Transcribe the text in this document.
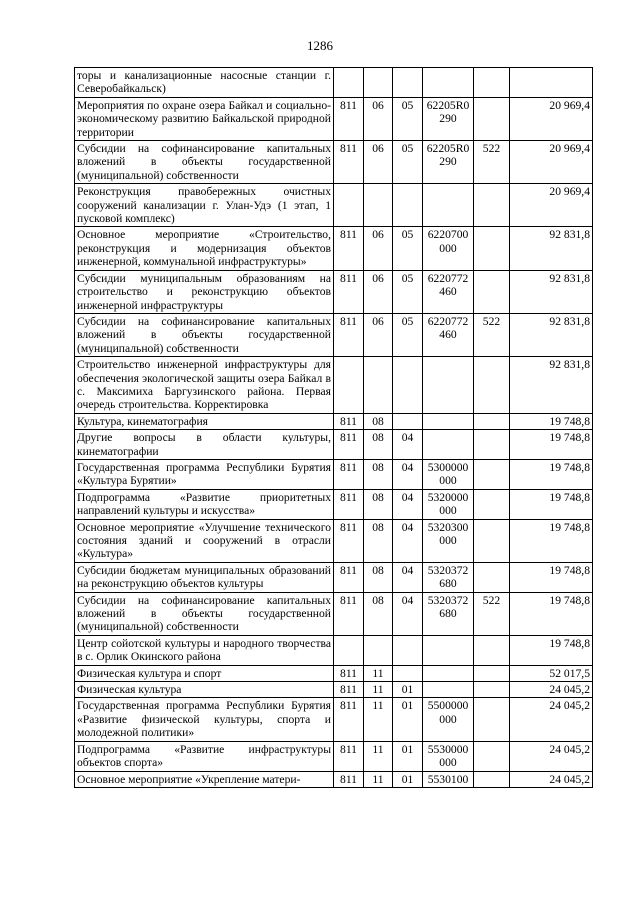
1286
торы и канализационные насосные станции г. Северобайкальск)						
Мероприятия по охране озера Байкал и социально-экономическому развитию Байкальской природной территории	811	06	05	62205R0290		20 969,4
Субсидии на софинансирование капитальных вложений в объекты государственной (муниципальной) собственности	811	06	05	62205R0290	522	20 969,4
Реконструкция правобережных очистных сооружений канализации г. Улан-Удэ (1 этап, 1 пусковой комплекс)						20 969,4
Основное мероприятие «Строительство, реконструкция и модернизация объектов инженерной, коммунальной инфраструктуры»	811	06	05	6220700000		92 831,8
Субсидии муниципальным образованиям на строительство и реконструкцию объектов инженерной инфраструктуры	811	06	05	6220772460		92 831,8
Субсидии на софинансирование капитальных вложений в объекты государственной (муниципальной) собственности	811	06	05	6220772460	522	92 831,8
Строительство инженерной инфраструктуры для обеспечения экологической защиты озера Байкал в с. Максимиха Баргузинского района. Первая очередь строительства. Корректировка						92 831,8
Культура, кинематография	811	08				19 748,8
Другие вопросы в области культуры, кинематографии	811	08	04			19 748,8
Государственная программа Республики Бурятия «Культура Бурятии»	811	08	04	5300000000		19 748,8
Подпрограмма «Развитие приоритетных направлений культуры и искусства»	811	08	04	5320000000		19 748,8
Основное мероприятие «Улучшение технического состояния зданий и сооружений в отрасли «Культура»	811	08	04	5320300000		19 748,8
Субсидии бюджетам муниципальных образований на реконструкцию объектов культуры	811	08	04	5320372680		19 748,8
Субсидии на софинансирование капитальных вложений в объекты государственной (муниципальной) собственности	811	08	04	5320372680	522	19 748,8
Центр сойотской культуры и народного творчества в с. Орлик Окинского района						19 748,8
Физическая культура и спорт	811	11				52 017,5
Физическая культура	811	11	01			24 045,2
Государственная программа Республики Бурятия «Развитие физической культуры, спорта и молодежной политики»	811	11	01	5500000000		24 045,2
Подпрограмма «Развитие инфраструктуры объектов спорта»	811	11	01	5530000000		24 045,2
Основное мероприятие «Укрепление матери-	811	11	01	5530100		24 045,2
